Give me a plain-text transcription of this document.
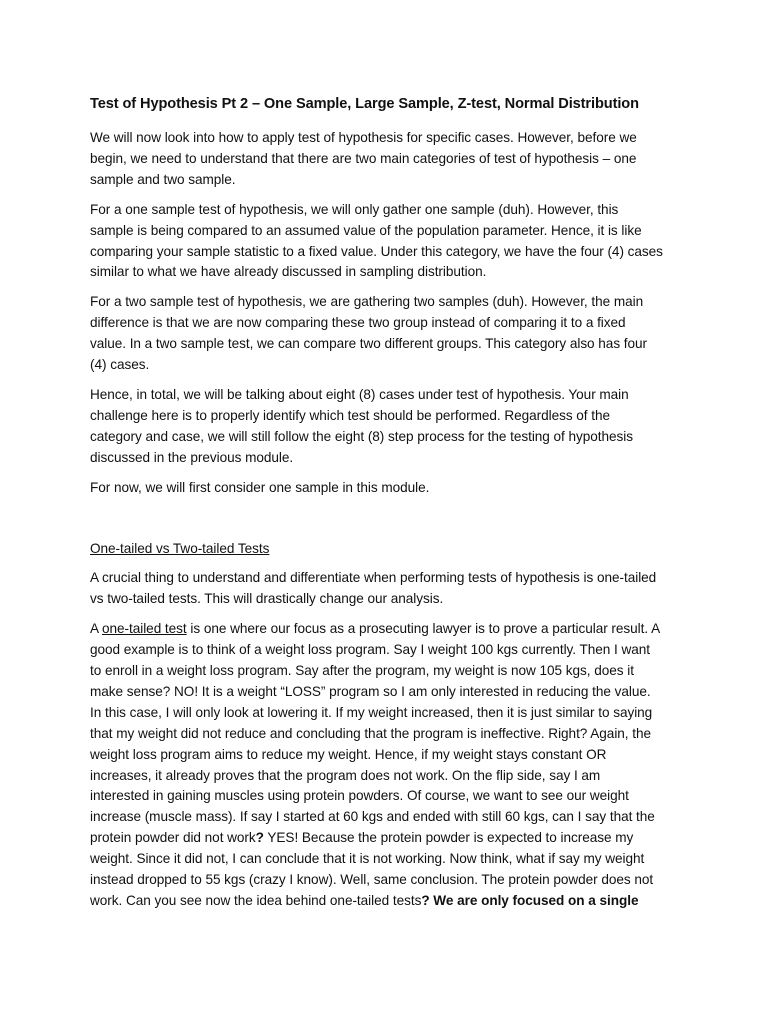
Test of Hypothesis Pt 2 – One Sample, Large Sample, Z-test, Normal Distribution

We will now look into how to apply test of hypothesis for specific cases. However, before we begin, we need to understand that there are two main categories of test of hypothesis – one sample and two sample.

For a one sample test of hypothesis, we will only gather one sample (duh). However, this sample is being compared to an assumed value of the population parameter. Hence, it is like comparing your sample statistic to a fixed value. Under this category, we have the four (4) cases similar to what we have already discussed in sampling distribution.

For a two sample test of hypothesis, we are gathering two samples (duh). However, the main difference is that we are now comparing these two group instead of comparing it to a fixed value. In a two sample test, we can compare two different groups. This category also has four (4) cases.

Hence, in total, we will be talking about eight (8) cases under test of hypothesis. Your main challenge here is to properly identify which test should be performed. Regardless of the category and case, we will still follow the eight (8) step process for the testing of hypothesis discussed in the previous module.

For now, we will first consider one sample in this module.

One-tailed vs Two-tailed Tests

A crucial thing to understand and differentiate when performing tests of hypothesis is one-tailed vs two-tailed tests. This will drastically change our analysis.

A one-tailed test is one where our focus as a prosecuting lawyer is to prove a particular result. A good example is to think of a weight loss program. Say I weight 100 kgs currently. Then I want to enroll in a weight loss program. Say after the program, my weight is now 105 kgs, does it make sense? NO! It is a weight “LOSS” program so I am only interested in reducing the value. In this case, I will only look at lowering it. If my weight increased, then it is just similar to saying that my weight did not reduce and concluding that the program is ineffective. Right? Again, the weight loss program aims to reduce my weight. Hence, if my weight stays constant OR increases, it already proves that the program does not work. On the flip side, say I am interested in gaining muscles using protein powders. Of course, we want to see our weight increase (muscle mass). If say I started at 60 kgs and ended with still 60 kgs, can I say that the protein powder did not work? YES! Because the protein powder is expected to increase my weight. Since it did not, I can conclude that it is not working. Now think, what if say my weight instead dropped to 55 kgs (crazy I know). Well, same conclusion. The protein powder does not work. Can you see now the idea behind one-tailed tests? We are only focused on a single
